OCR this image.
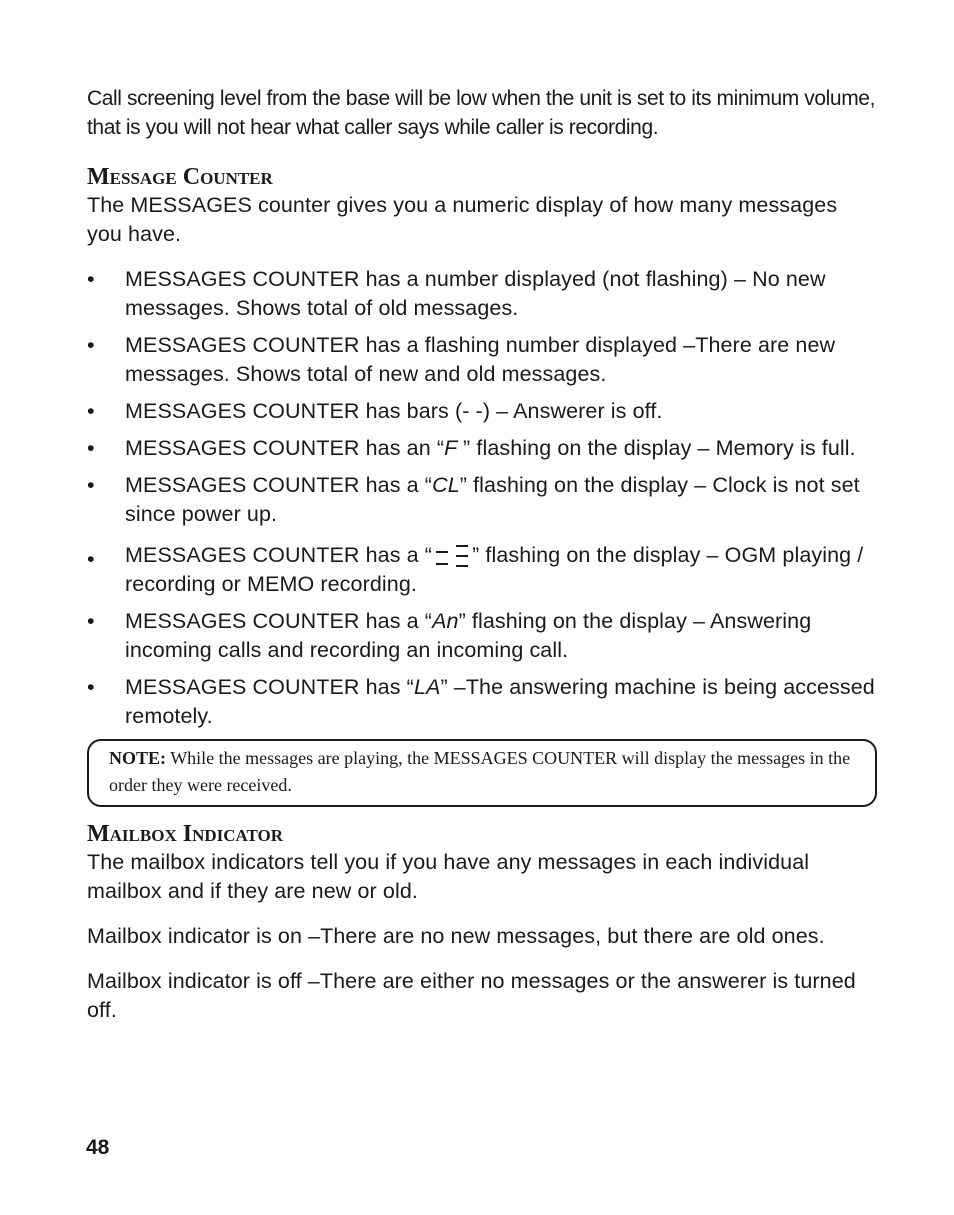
Call screening level from the base will be low when the unit is set to its minimum volume, that is you will not hear what caller says while caller is recording.

Message Counter

The MESSAGES counter gives you a numeric display of how many messages you have.

•	MESSAGES COUNTER has a number displayed (not flashing) – No new messages. Shows total of old messages.
•	MESSAGES COUNTER has a flashing number displayed –There are new messages. Shows total of new and old messages.
•	MESSAGES COUNTER has bars (- -) – Answerer is off.
•	MESSAGES COUNTER has an “F ” flashing on the display – Memory is full.
•	MESSAGES COUNTER has a “CL” flashing on the display – Clock is not set since power up.
•	MESSAGES COUNTER has a “ ” flashing on the display – OGM playing / recording or MEMO recording.
•	MESSAGES COUNTER has a “An” flashing on the display – Answering incoming calls and recording an incoming call.
•	MESSAGES COUNTER has “LA” –The answering machine is being accessed remotely.
NOTE: While the messages are playing, the MESSAGES COUNTER will display the messages in the order they were received.
Mailbox Indicator

The mailbox indicators tell you if you have any messages in each individual mailbox and if they are new or old.

Mailbox indicator is on –There are no new messages, but there are old ones.

Mailbox indicator is off –There are either no messages or the answerer is turned off.

48
